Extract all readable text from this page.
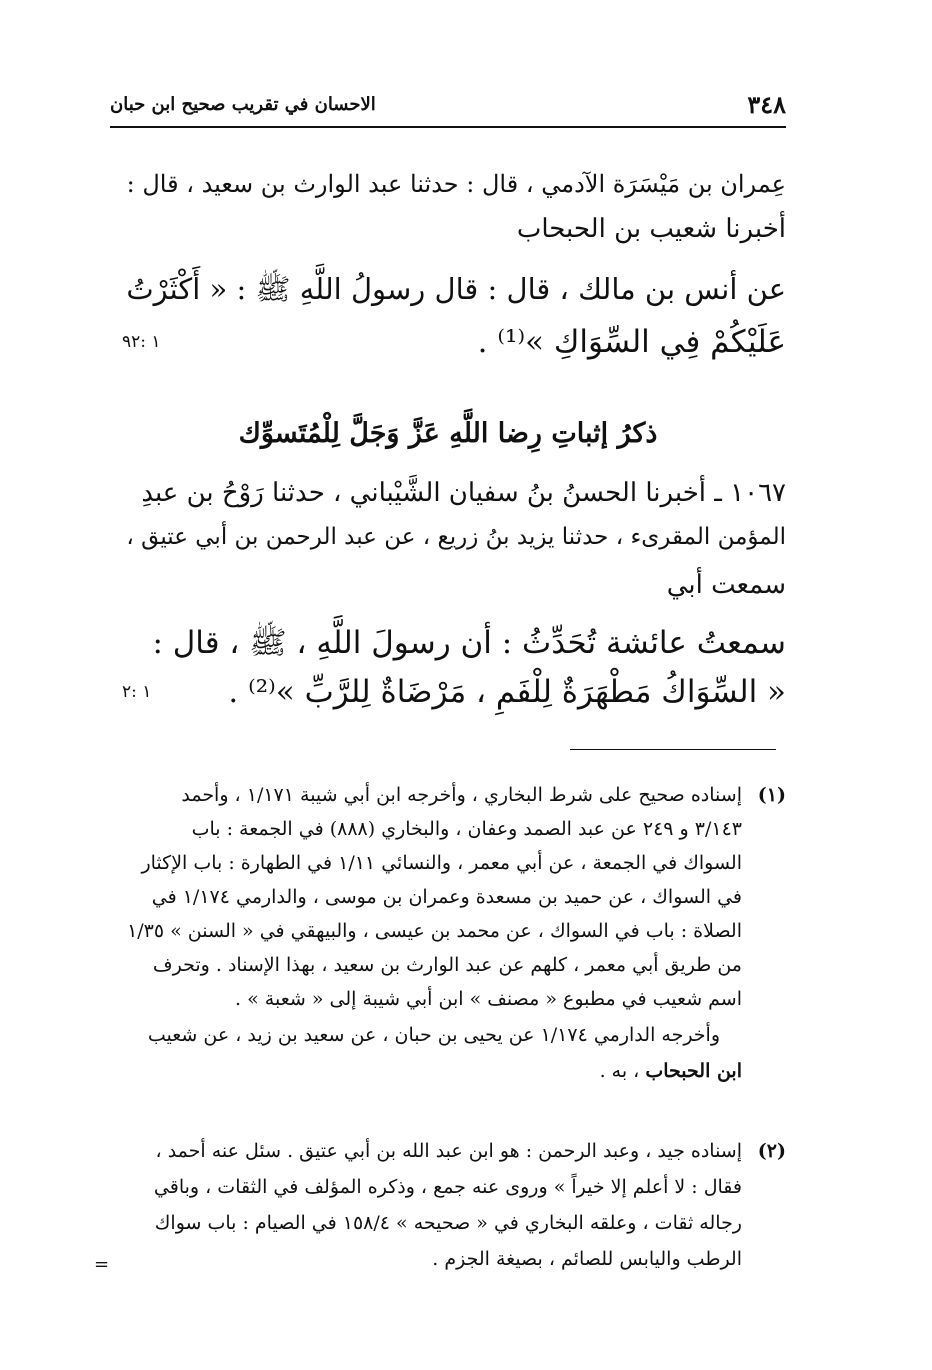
٣٤٨
الاحسان في تقريب صحيح ابن حبان
عِمران بن مَيْسَرَة الآدمي ، قال : حدثنا عبد الوارث بن سعيد ، قال :
أخبرنا شعيب بن الحبحاب
عن أنس بن مالك ، قال : قال رسولُ اللَّهِ ﷺ : « أَكْثَرْتُ
عَلَيْكُمْ فِي السِّوَاكِ »⁽¹⁾ .
١ :٩٢
ذكرُ إثباتِ رِضا اللَّهِ عَزَّ وَجَلَّ لِلْمُتَسوِّك
١٠٦٧ ـ أخبرنا الحسنُ بنُ سفيان الشَّيْباني ، حدثنا رَوْحُ بن عبدِ
المؤمن المقرىء ، حدثنا يزيد بنُ زريع ، عن عبد الرحمن بن أبي عتيق ،
سمعت أبي
سمعتُ عائشة تُحَدِّثُ : أن رسولَ اللَّهِ ، ﷺ ، قال :
« السِّوَاكُ مَطْهَرَةٌ لِلْفَمِ ، مَرْضَاةٌ لِلرَّبِّ »⁽²⁾ .
١ :٢
(١)
إسناده صحيح على شرط البخاري ، وأخرجه ابن أبي شيبة ١/١٧١ ، وأحمد
٣/١٤٣ و ٢٤٩ عن عبد الصمد وعفان ، والبخاري (٨٨٨) في الجمعة : باب
السواك في الجمعة ، عن أبي معمر ، والنسائي ١/١١ في الطهارة : باب الإكثار
في السواك ، عن حميد بن مسعدة وعمران بن موسى ، والدارمي ١/١٧٤ في
الصلاة : باب في السواك ، عن محمد بن عيسى ، والبيهقي في « السنن » ١/٣٥
من طريق أبي معمر ، كلهم عن عبد الوارث بن سعيد ، بهذا الإسناد . وتحرف
اسم شعيب في مطبوع « مصنف » ابن أبي شيبة إلى « شعبة » .
وأخرجه الدارمي ١/١٧٤ عن يحيى بن حبان ، عن سعيد بن زيد ، عن شعيب
ابن الحبحاب ، به .
(٢)
إسناده جيد ، وعبد الرحمن : هو ابن عبد الله بن أبي عتيق . سئل عنه أحمد ،
فقال : لا أعلم إلا خيراً » وروى عنه جمع ، وذكره المؤلف في الثقات ، وباقي
رجاله ثقات ، وعلقه البخاري في « صحيحه » ١٥٨/٤ في الصيام : باب سواك
الرطب واليابس للصائم ، بصيغة الجزم .
=
